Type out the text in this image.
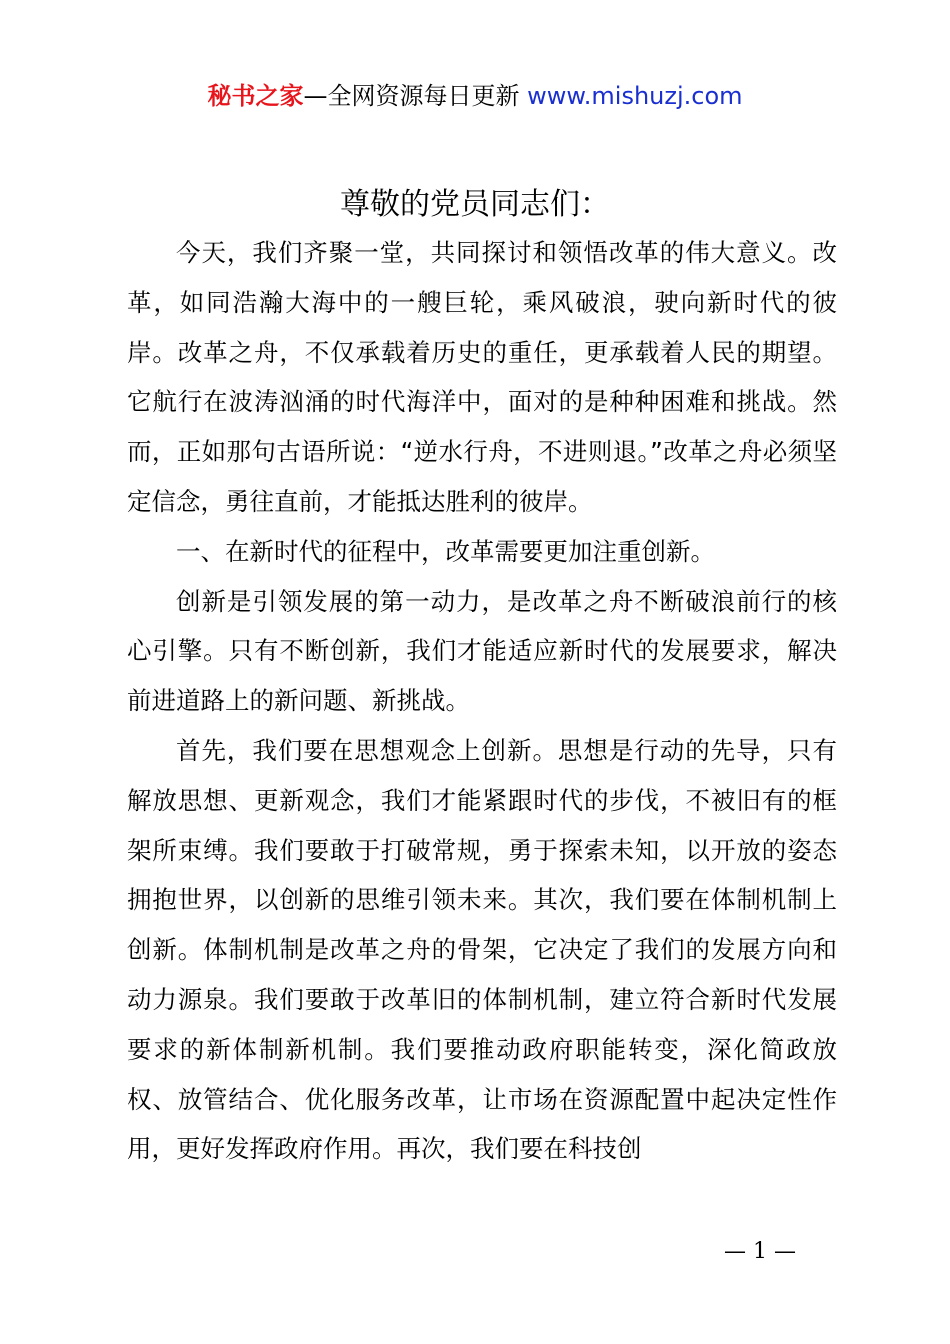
秘书之家—全网资源每日更新 www.mishuzj.com
尊敬的党员同志们：

今天，我们齐聚一堂，共同探讨和领悟改革的伟大意义。改革，如同浩瀚大海中的一艘巨轮，乘风破浪，驶向新时代的彼岸。改革之舟，不仅承载着历史的重任，更承载着人民的期望。它航行在波涛汹涌的时代海洋中，面对的是种种困难和挑战。然而，正如那句古语所说：“逆水行舟，不进则退。”改革之舟必须坚定信念，勇往直前，才能抵达胜利的彼岸。

一、在新时代的征程中，改革需要更加注重创新。

创新是引领发展的第一动力，是改革之舟不断破浪前行的核心引擎。只有不断创新，我们才能适应新时代的发展要求，解决前进道路上的新问题、新挑战。

首先，我们要在思想观念上创新。思想是行动的先导，只有解放思想、更新观念，我们才能紧跟时代的步伐，不被旧有的框架所束缚。我们要敢于打破常规，勇于探索未知，以开放的姿态拥抱世界，以创新的思维引领未来。其次，我们要在体制机制上创新。体制机制是改革之舟的骨架，它决定了我们的发展方向和动力源泉。我们要敢于改革旧的体制机制，建立符合新时代发展要求的新体制新机制。我们要推动政府职能转变，深化简政放权、放管结合、优化服务改革，让市场在资源配置中起决定性作用，更好发挥政府作用。再次，我们要在科技创

— 1 —
